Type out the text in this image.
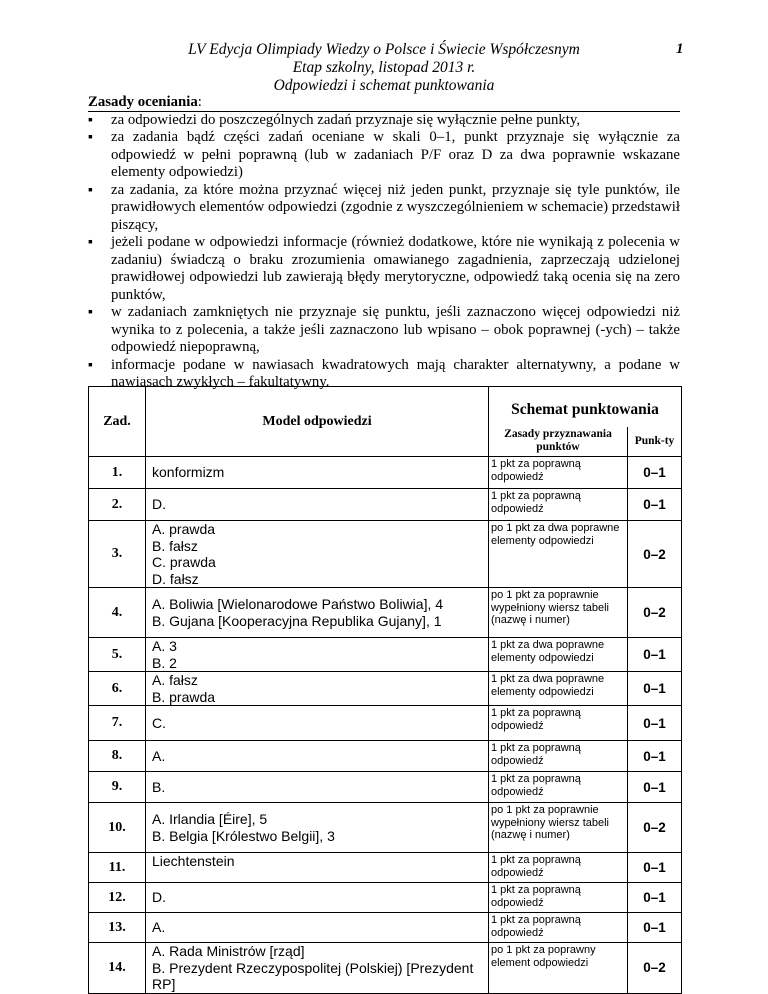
LV Edycja Olimpiady Wiedzy o Polsce i Świecie Współczesnym
Etap szkolny, listopad 2013 r.
Odpowiedzi i schemat punktowania
1
Zasady oceniania:
▪ za odpowiedzi do poszczególnych zadań przyznaje się wyłącznie pełne punkty,
▪ za zadania bądź części zadań oceniane w skali 0–1, punkt przyznaje się wyłącznie za odpowiedź w pełni poprawną (lub w zadaniach P/F oraz D za dwa poprawnie wskazane elementy odpowiedzi)
▪ za zadania, za które można przyznać więcej niż jeden punkt, przyznaje się tyle punktów, ile prawidłowych elementów odpowiedzi (zgodnie z wyszczególnieniem w schemacie) przedstawił piszący,
▪ jeżeli podane w odpowiedzi informacje (również dodatkowe, które nie wynikają z polecenia w zadaniu) świadczą o braku zrozumienia omawianego zagadnienia, zaprzeczają udzielonej prawidłowej odpowiedzi lub zawierają błędy merytoryczne, odpowiedź taką ocenia się na zero punktów,
▪ w zadaniach zamkniętych nie przyznaje się punktu, jeśli zaznaczono więcej odpowiedzi niż wynika to z polecenia, a także jeśli zaznaczono lub wpisano – obok poprawnej (-ych) – także odpowiedź niepoprawną,
▪ informacje podane w nawiasach kwadratowych mają charakter alternatywny, a podane w nawiasach zwykłych – fakultatywny.
Zad.	Model odpowiedzi	Schemat punktowania	
		Zasady przyznawania punktów	Punk-ty
1.	konformizm	1 pkt za poprawną odpowiedź	0–1
2.	D.	1 pkt za poprawną odpowiedź	0–1
3.	A. prawda
B. fałsz
C. prawda
D. fałsz	po 1 pkt za dwa poprawne elementy odpowiedzi	0–2
4.	A. Boliwia [Wielonarodowe Państwo Boliwia], 4
B. Gujana [Kooperacyjna Republika Gujany], 1	po 1 pkt za poprawnie wypełniony wiersz tabeli (nazwę i numer)	0–2
5.	A. 3
B. 2	1 pkt za dwa poprawne elementy odpowiedzi	0–1
6.	A. fałsz
B. prawda	1 pkt za dwa poprawne elementy odpowiedzi	0–1
7.	C.	1 pkt za poprawną odpowiedź	0–1
8.	A.	1 pkt za poprawną odpowiedź	0–1
9.	B.	1 pkt za poprawną odpowiedź	0–1
10.	A. Irlandia [Éire], 5
B. Belgia [Królestwo Belgii], 3	po 1 pkt za poprawnie wypełniony wiersz tabeli (nazwę i numer)	0–2
11.	Liechtenstein	1 pkt za poprawną odpowiedź	0–1
12.	D.	1 pkt za poprawną odpowiedź	0–1
13.	A.	1 pkt za poprawną odpowiedź	0–1
14.	A. Rada Ministrów [rząd]
B. Prezydent Rzeczypospolitej (Polskiej) [Prezydent RP]	po 1 pkt za poprawny element odpowiedzi	0–2
